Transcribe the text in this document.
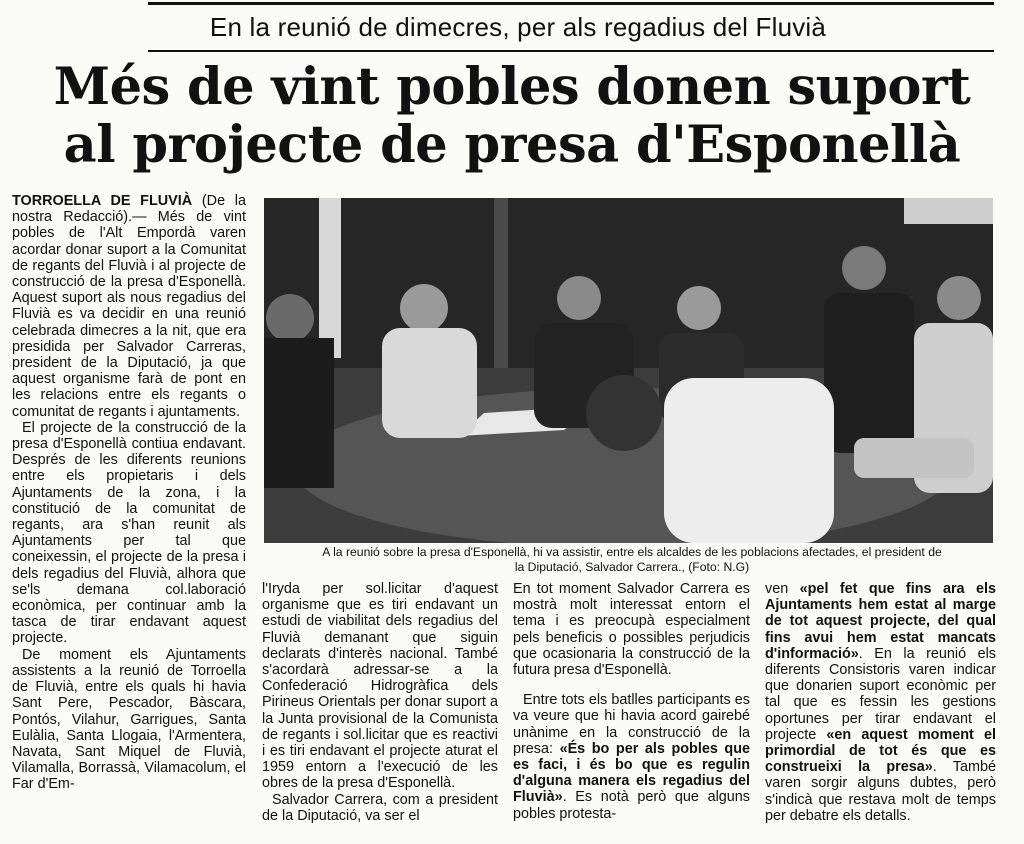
En la reunió de dimecres, per als regadius del Fluvià
Més de vint pobles donen suport
al projecte de presa d'Esponellà

TORROELLA DE FLUVIÀ (De la nostra Redacció).— Més de vint pobles de l'Alt Empordà varen acordar donar suport a la Comunitat de regants del Fluvià i al projecte de construcció de la presa d'Esponellà. Aquest suport als nous regadius del Fluvià es va decidir en una reunió celebrada dimecres a la nit, que era presidida per Salvador Carreras, president de la Diputació, ja que aquest organisme farà de pont en les relacions entre els regants o comunitat de regants i ajuntaments.

El projecte de la construcció de la presa d'Esponellà contiua endavant. Després de les diferents reunions entre els propietaris i dels Ajuntaments de la zona, i la constitució de la comunitat de regants, ara s'han reunit als Ajuntaments per tal que coneixessin, el projecte de la presa i dels regadius del Fluvià, alhora que se'ls demana col.laboració econòmica, per continuar amb la tasca de tirar endavant aquest projecte.

De moment els Ajuntaments assistents a la reunió de Torroella de Fluvià, entre els quals hi havia Sant Pere, Pescador, Bàscara, Pontós, Vilahur, Garrigues, Santa Eulàlia, Santa Llogaia, l'Armentera, Navata, Sant Miquel de Fluvià, Vilamalla, Borrassà, Vilamacolum, el Far d'Em-

A la reunió sobre la presa d'Esponellà, hi va assistir, entre els alcaldes de les poblacions afectades, el president de
la Diputació, Salvador Carrera., (Foto: N.G)

l'Iryda per sol.licitar d'aquest organisme que es tiri endavant un estudi de viabilitat dels regadius del Fluvià demanant que siguin declarats d'interès nacional. També s'acordarà adressar-se a la Confederació Hidrogràfica dels Pirineus Orientals per donar suport a la Junta provisional de la Comunista de regants i sol.licitar que es reactivi i es tiri endavant el projecte aturat el 1959 entorn a l'execució de les obres de la presa d'Esponellà.

Salvador Carrera, com a president de la Diputació, va ser el

En tot moment Salvador Carrera es mostrà molt interessat entorn el tema i es preocupà especialment pels beneficis o possibles perjudicis que ocasionaria la construcció de la futura presa d'Esponellà.

Entre tots els batlles participants es va veure que hi havia acord gairebé unànime en la construcció de la presa: «És bo per als pobles que es faci, i és bo que es regulin d'alguna manera els regadius del Fluvià». Es notà però que alguns pobles protesta-

ven «pel fet que fins ara els Ajuntaments hem estat al marge de tot aquest projecte, del qual fins avui hem estat mancats d'informació». En la reunió els diferents Consistoris varen indicar que donarien suport econòmic per tal que es fessin les gestions oportunes per tirar endavant el projecte «en aquest moment el primordial de tot és que es construeixi la presa». També varen sorgir alguns dubtes, però s'indicà que restava molt de temps per debatre els detalls.
